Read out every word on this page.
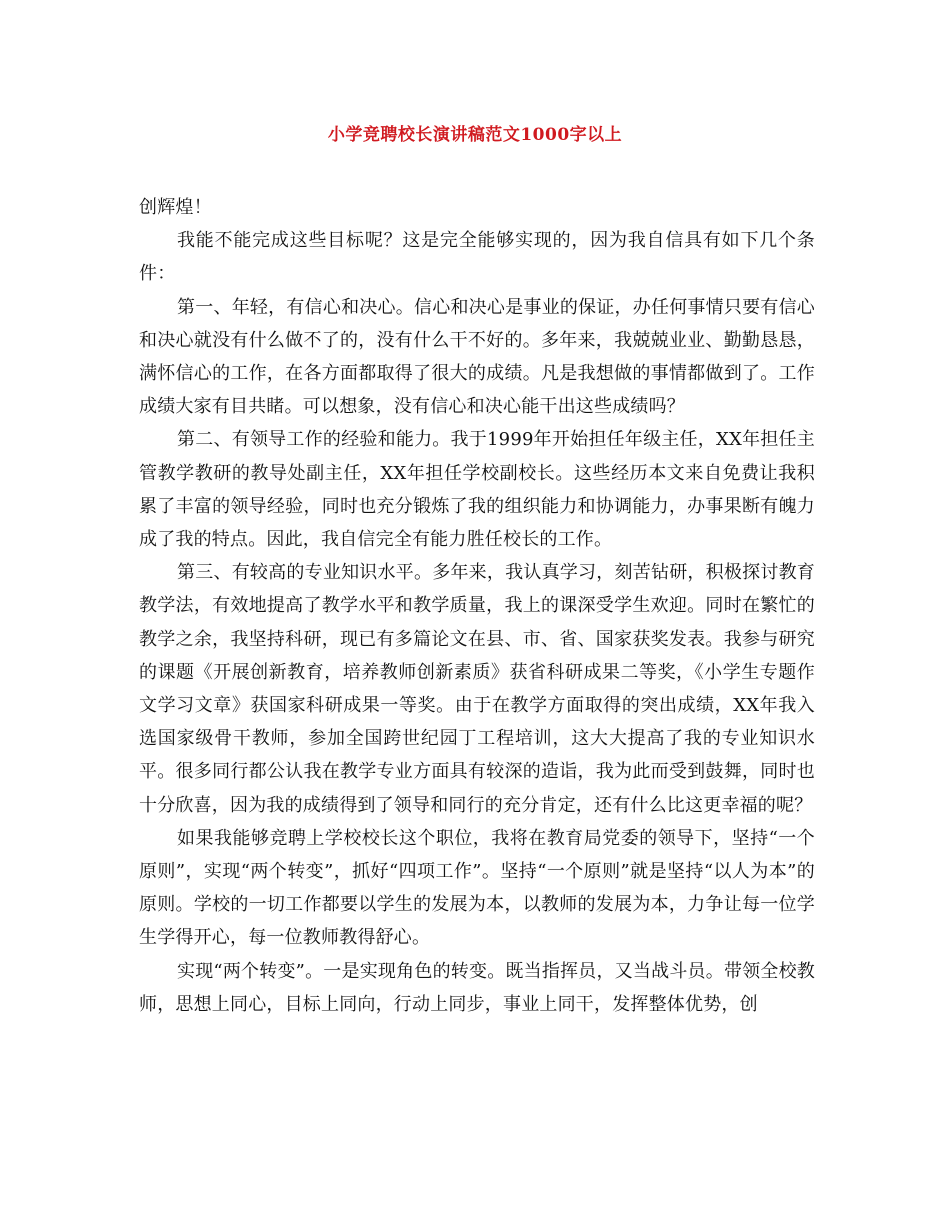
小学竞聘校长演讲稿范文1000字以上

创辉煌！

我能不能完成这些目标呢？这是完全能够实现的，因为我自信具有如下几个条件：

第一、年轻，有信心和决心。信心和决心是事业的保证，办任何事情只要有信心和决心就没有什么做不了的，没有什么干不好的。多年来，我兢兢业业、勤勤恳恳，满怀信心的工作，在各方面都取得了很大的成绩。凡是我想做的事情都做到了。工作成绩大家有目共睹。可以想象，没有信心和决心能干出这些成绩吗？

第二、有领导工作的经验和能力。我于1999年开始担任年级主任，XX年担任主管教学教研的教导处副主任，XX年担任学校副校长。这些经历本文来自免费让我积累了丰富的领导经验，同时也充分锻炼了我的组织能力和协调能力，办事果断有魄力成了我的特点。因此，我自信完全有能力胜任校长的工作。

第三、有较高的专业知识水平。多年来，我认真学习，刻苦钻研，积极探讨教育教学法，有效地提高了教学水平和教学质量，我上的课深受学生欢迎。同时在繁忙的教学之余，我坚持科研，现已有多篇论文在县、市、省、国家获奖发表。我参与研究的课题《开展创新教育，培养教师创新素质》获省科研成果二等奖，《小学生专题作文学习文章》获国家科研成果一等奖。由于在教学方面取得的突出成绩，XX年我入选国家级骨干教师，参加全国跨世纪园丁工程培训，这大大提高了我的专业知识水平。很多同行都公认我在教学专业方面具有较深的造诣，我为此而受到鼓舞，同时也十分欣喜，因为我的成绩得到了领导和同行的充分肯定，还有什么比这更幸福的呢？

如果我能够竞聘上学校校长这个职位，我将在教育局党委的领导下，坚持“一个原则”，实现“两个转变”，抓好“四项工作”。坚持“一个原则”就是坚持“以人为本”的原则。学校的一切工作都要以学生的发展为本，以教师的发展为本，力争让每一位学生学得开心，每一位教师教得舒心。

实现“两个转变”。一是实现角色的转变。既当指挥员，又当战斗员。带领全校教师，思想上同心，目标上同向，行动上同步，事业上同干，发挥整体优势，创
